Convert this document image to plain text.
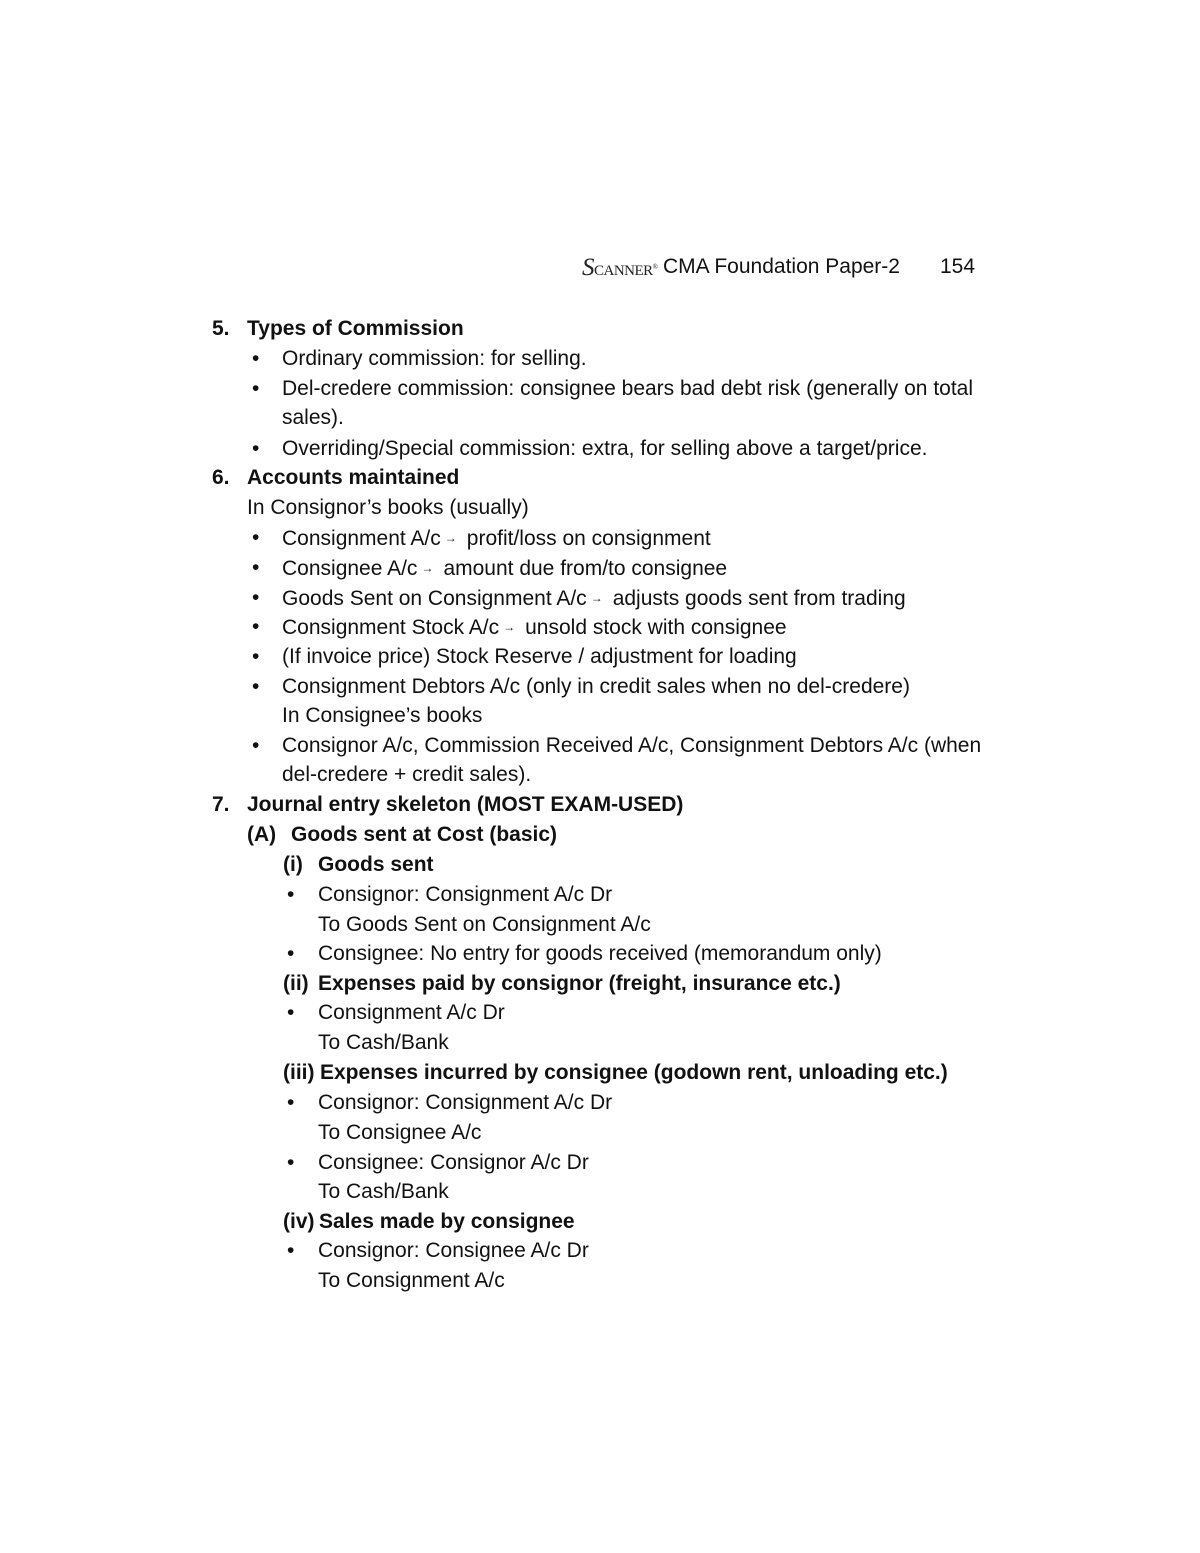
SCANNER® CMA Foundation Paper-2 154
5. Types of Commission
• Ordinary commission: for selling.
• Del-credere commission: consignee bears bad debt risk (generally on total
sales).
• Overriding/Special commission: extra, for selling above a target/price.
6. Accounts maintained
In Consignor’s books (usually)
• Consignment A/c → profit/loss on consignment
• Consignee A/c → amount due from/to consignee
• Goods Sent on Consignment A/c → adjusts goods sent from trading
• Consignment Stock A/c → unsold stock with consignee
• (If invoice price) Stock Reserve / adjustment for loading
• Consignment Debtors A/c (only in credit sales when no del-credere)
In Consignee’s books
• Consignor A/c, Commission Received A/c, Consignment Debtors A/c (when
del-credere + credit sales).
7. Journal entry skeleton (MOST EXAM-USED)
(A) Goods sent at Cost (basic)
(i) Goods sent
• Consignor: Consignment A/c Dr
To Goods Sent on Consignment A/c
• Consignee: No entry for goods received (memorandum only)
(ii) Expenses paid by consignor (freight, insurance etc.)
• Consignment A/c Dr
To Cash/Bank
(iii) Expenses incurred by consignee (godown rent, unloading etc.)
• Consignor: Consignment A/c Dr
To Consignee A/c
• Consignee: Consignor A/c Dr
To Cash/Bank
(iv) Sales made by consignee
• Consignor: Consignee A/c Dr
To Consignment A/c
